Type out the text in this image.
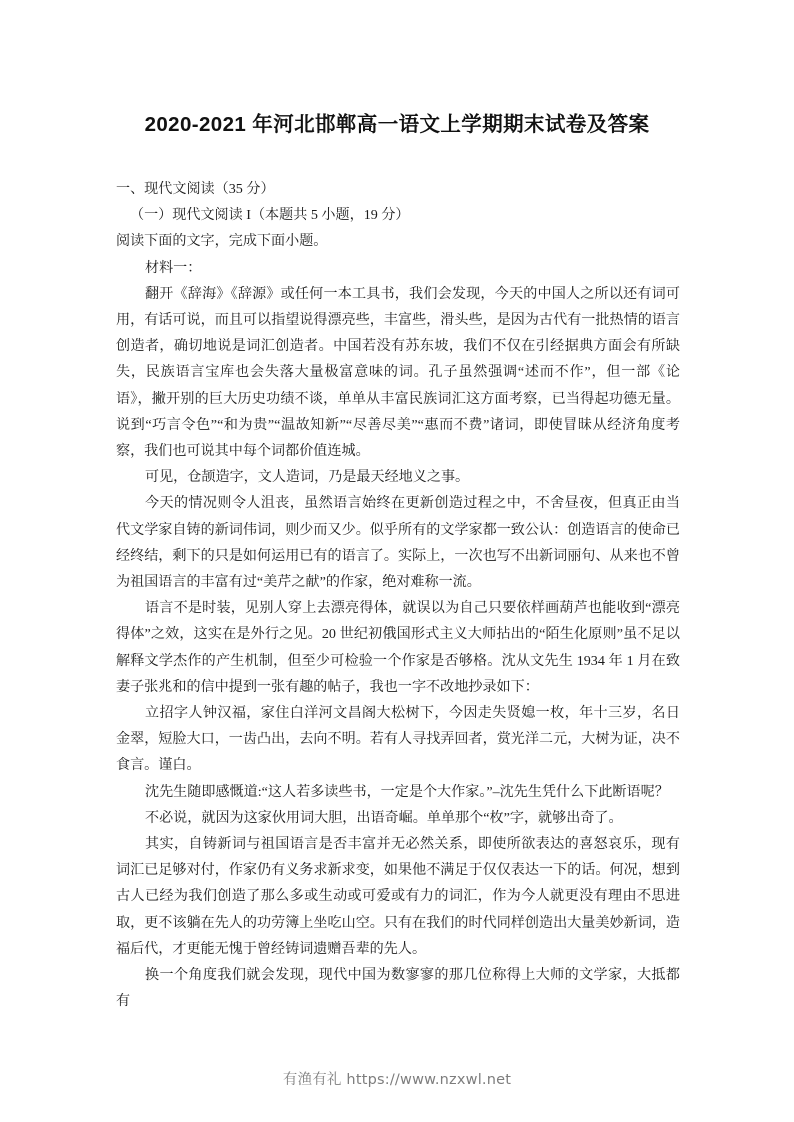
2020-2021 年河北邯郸高一语文上学期期末试卷及答案

一、现代文阅读（35 分）

（一）现代文阅读 I（本题共 5 小题，19 分）

阅读下面的文字，完成下面小题。

材料一：

翻开《辞海》《辞源》或任何一本工具书，我们会发现，今天的中国人之所以还有词可用，有话可说，而且可以指望说得漂亮些，丰富些，滑头些，是因为古代有一批热情的语言创造者，确切地说是词汇创造者。中国若没有苏东坡，我们不仅在引经据典方面会有所缺失，民族语言宝库也会失落大量极富意味的词。孔子虽然强调“述而不作”，但一部《论语》，撇开别的巨大历史功绩不谈，单单从丰富民族词汇这方面考察，已当得起功德无量。说到“巧言令色”“和为贵”“温故知新”“尽善尽美”“惠而不费”诸词，即使冒昧从经济角度考察，我们也可说其中每个词都价值连城。

可见，仓颉造字，文人造词，乃是最天经地义之事。

今天的情况则令人沮丧，虽然语言始终在更新创造过程之中，不舍昼夜，但真正由当代文学家自铸的新词伟词，则少而又少。似乎所有的文学家都一致公认：创造语言的使命已经终结，剩下的只是如何运用已有的语言了。实际上，一次也写不出新词丽句、从来也不曾为祖国语言的丰富有过“美芹之献”的作家，绝对难称一流。

语言不是时装，见别人穿上去漂亮得体，就误以为自己只要依样画葫芦也能收到“漂亮得体”之效，这实在是外行之见。20 世纪初俄国形式主义大师拈出的“陌生化原则”虽不足以解释文学杰作的产生机制，但至少可检验一个作家是否够格。沈从文先生 1934 年 1 月在致妻子张兆和的信中提到一张有趣的帖子，我也一字不改地抄录如下：

立招字人钟汉福，家住白洋河文昌阁大松树下，今因走失贤媳一枚，年十三岁，名日金翠，短脸大口，一齿凸出，去向不明。若有人寻找弄回者，赏光洋二元，大树为证，决不食言。谨白。

沈先生随即感慨道:“这人若多读些书，一定是个大作家。”–沈先生凭什么下此断语呢？

不必说，就因为这家伙用词大胆，出语奇崛。单单那个“枚”字，就够出奇了。

其实，自铸新词与祖国语言是否丰富并无必然关系，即使所欲表达的喜怒哀乐，现有词汇已足够对付，作家仍有义务求新求变，如果他不满足于仅仅表达一下的话。何况，想到古人已经为我们创造了那么多或生动或可爱或有力的词汇，作为今人就更没有理由不思进取，更不该躺在先人的功劳簿上坐吃山空。只有在我们的时代同样创造出大量美妙新词，造福后代，才更能无愧于曾经铸词遗赠吾辈的先人。

换一个角度我们就会发现，现代中国为数寥寥的那几位称得上大师的文学家，大抵都有

有渔有礼 https://www.nzxwl.net
